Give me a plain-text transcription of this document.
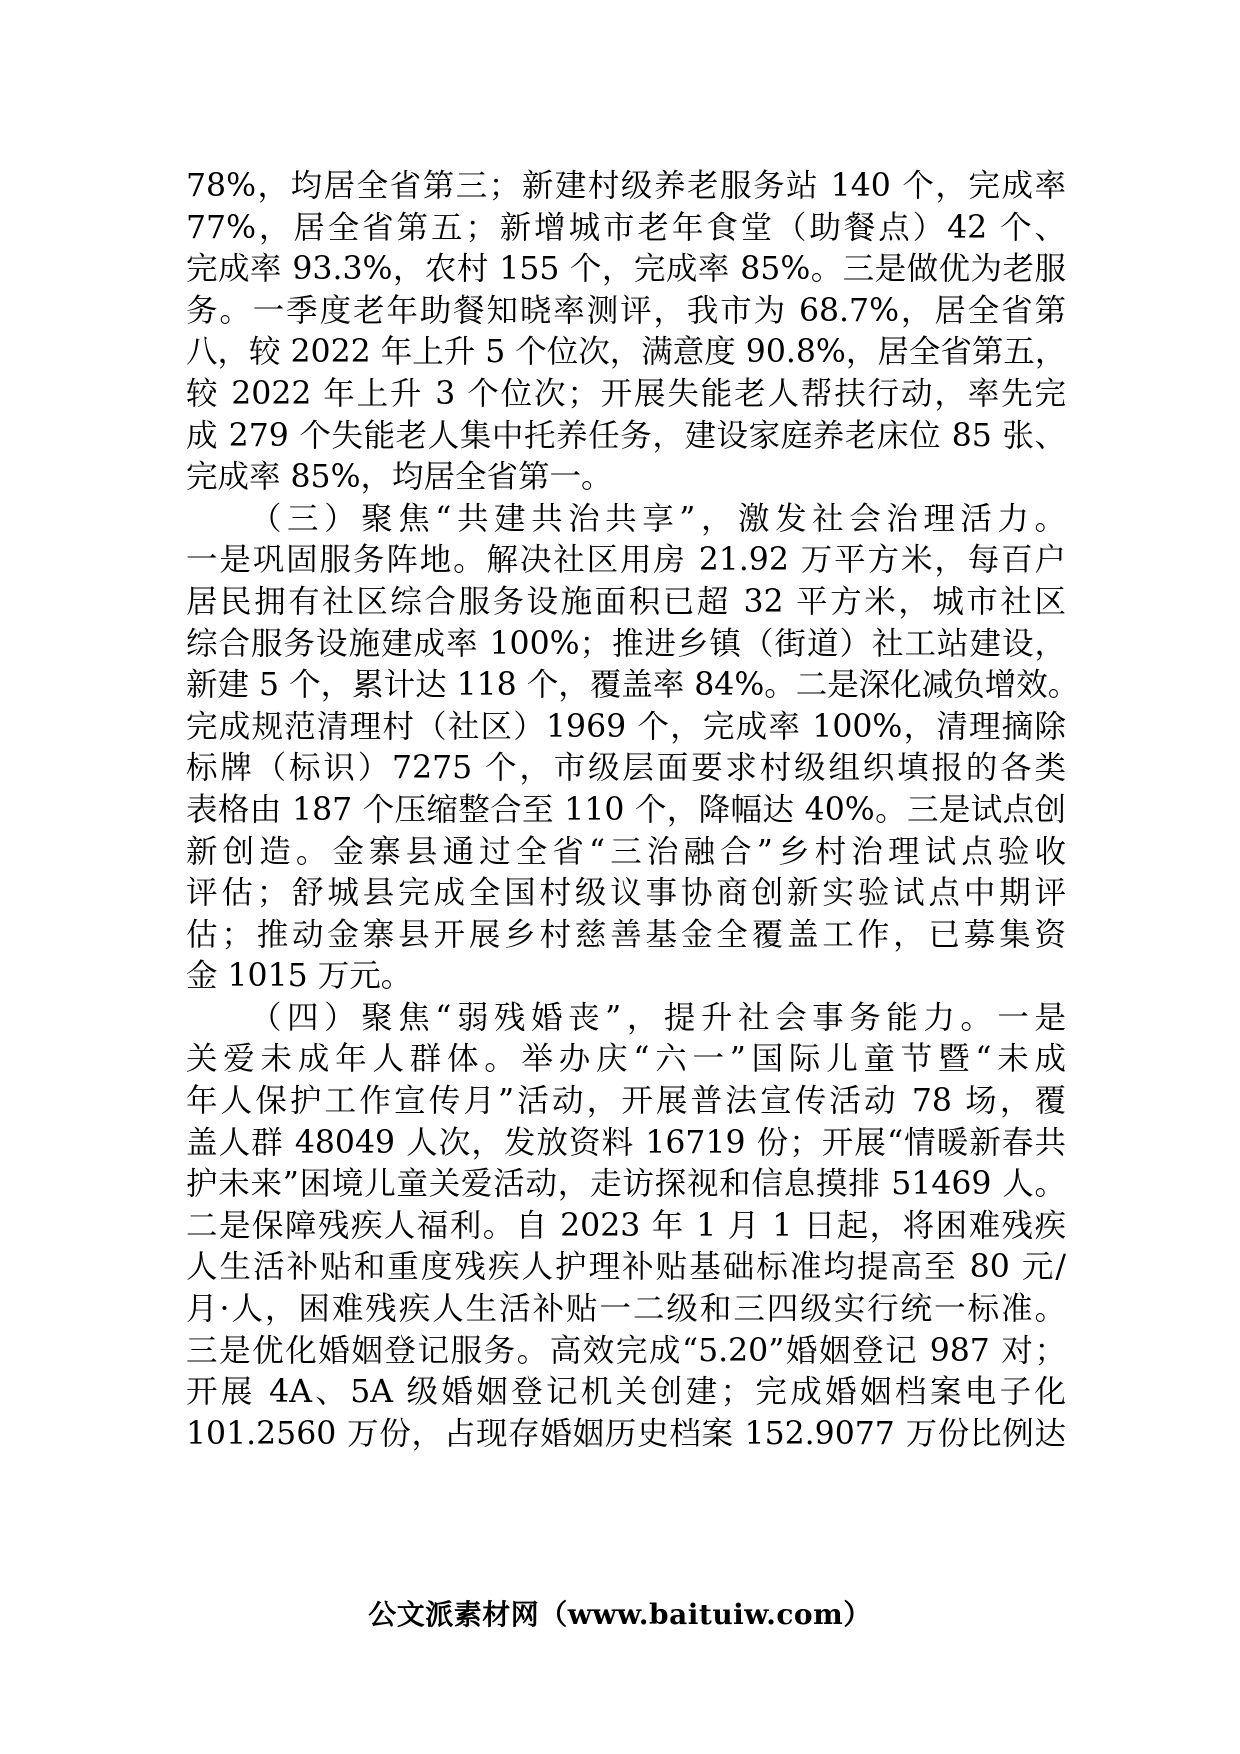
78%，均居全省第三；新建村级养老服务站 140 个，完成率
77%，居全省第五；新增城市老年食堂（助餐点）42 个、
完成率 93.3%，农村 155 个，完成率 85%。三是做优为老服
务。一季度老年助餐知晓率测评，我市为 68.7%，居全省第
八，较 2022 年上升 5 个位次，满意度 90.8%，居全省第五，
较 2022 年上升 3 个位次；开展失能老人帮扶行动，率先完
成 279 个失能老人集中托养任务，建设家庭养老床位 85 张、
完成率 85%，均居全省第一。

（三）聚焦“共建共治共享”，激发社会治理活力。
一是巩固服务阵地。解决社区用房 21.92 万平方米，每百户
居民拥有社区综合服务设施面积已超 32 平方米，城市社区
综合服务设施建成率 100%；推进乡镇（街道）社工站建设，
新建 5 个，累计达 118 个，覆盖率 84%。二是深化减负增效。
完成规范清理村（社区）1969 个，完成率 100%，清理摘除
标牌（标识）7275 个，市级层面要求村级组织填报的各类
表格由 187 个压缩整合至 110 个，降幅达 40%。三是试点创
新创造。金寨县通过全省“三治融合”乡村治理试点验收
评估；舒城县完成全国村级议事协商创新实验试点中期评
估；推动金寨县开展乡村慈善基金全覆盖工作，已募集资
金 1015 万元。

（四）聚焦“弱残婚丧”，提升社会事务能力。一是
关爱未成年人群体。举办庆“六一”国际儿童节暨“未成
年人保护工作宣传月”活动，开展普法宣传活动 78 场，覆
盖人群 48049 人次，发放资料 16719 份；开展“情暖新春共
护未来”困境儿童关爱活动，走访探视和信息摸排 51469 人。
二是保障残疾人福利。自 2023 年 1 月 1 日起，将困难残疾
人生活补贴和重度残疾人护理补贴基础标准均提高至 80 元/
月·人，困难残疾人生活补贴一二级和三四级实行统一标准。
三是优化婚姻登记服务。高效完成“5.20”婚姻登记 987 对；
开展 4A、5A 级婚姻登记机关创建；完成婚姻档案电子化
101.2560 万份，占现存婚姻历史档案 152.9077 万份比例达

公文派素材网（www.baituiw.com）
